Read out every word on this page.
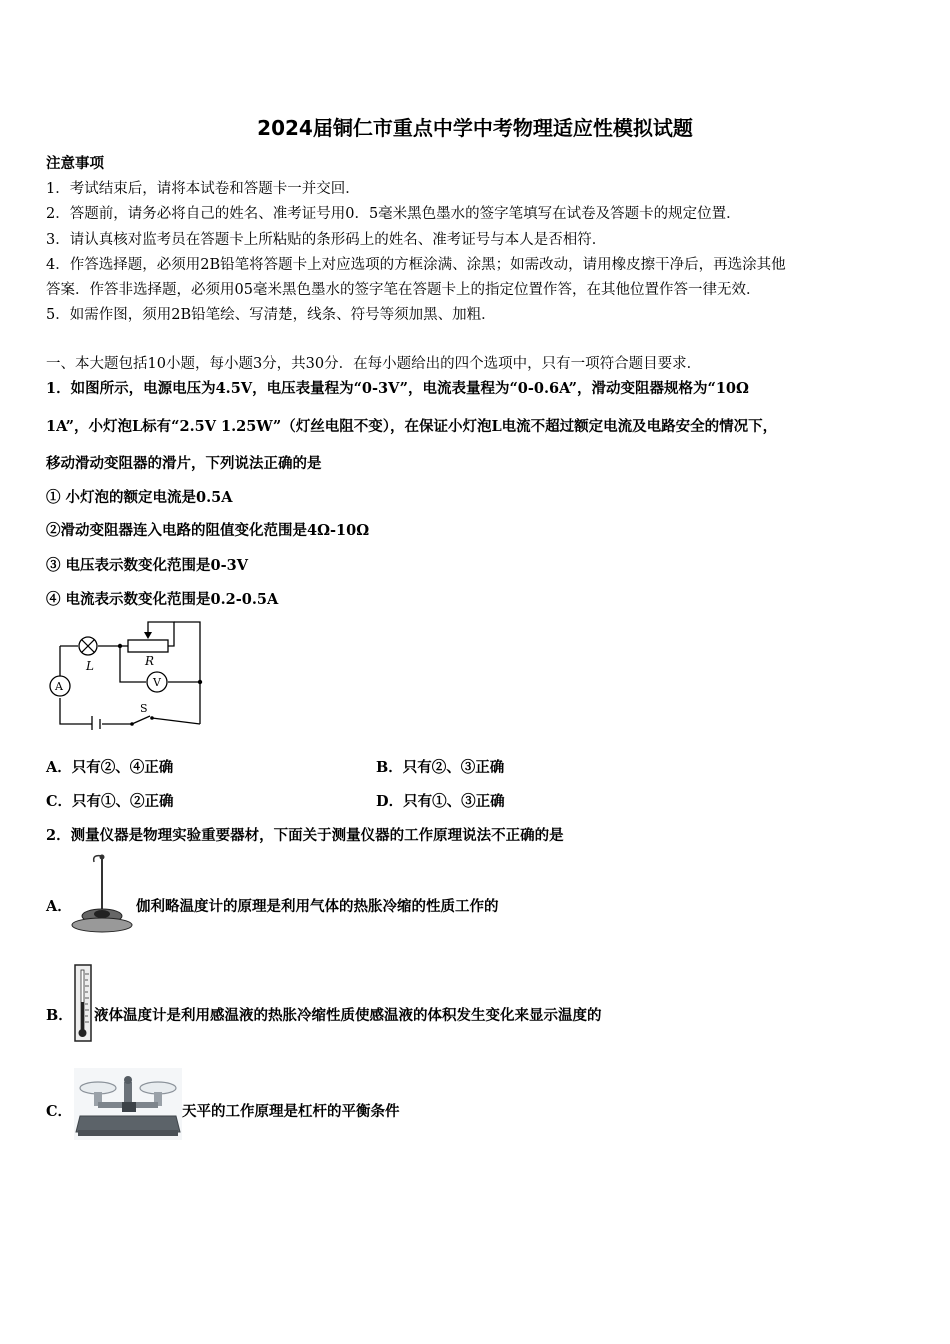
2024届铜仁市重点中学中考物理适应性模拟试题
注意事项
1．考试结束后，请将本试卷和答题卡一并交回．
2．答题前，请务必将自己的姓名、准考证号用0．5毫米黑色墨水的签字笔填写在试卷及答题卡的规定位置．
3．请认真核对监考员在答题卡上所粘贴的条形码上的姓名、准考证号与本人是否相符．
4．作答选择题，必须用2B铅笔将答题卡上对应选项的方框涂满、涂黑；如需改动，请用橡皮擦干净后，再选涂其他
答案．作答非选择题，必须用05毫米黑色墨水的签字笔在答题卡上的指定位置作答，在其他位置作答一律无效．
5．如需作图，须用2B铅笔绘、写清楚，线条、符号等须加黑、加粗．
一、本大题包括10小题，每小题3分，共30分．在每小题给出的四个选项中，只有一项符合题目要求．
1．如图所示，电源电压为4.5V，电压表量程为“0-3V”，电流表量程为“0-0.6A”，滑动变阻器规格为“10Ω
1A”，小灯泡L标有“2.5V 1.25W”（灯丝电阻不变），在保证小灯泡L电流不超过额定电流及电路安全的情况下，
移动滑动变阻器的滑片，下列说法正确的是
① 小灯泡的额定电流是0.5A
②滑动变阻器连入电路的阻值变化范围是4Ω-10Ω
③ 电压表示数变化范围是0-3V
④ 电流表示数变化范围是0.2-0.5A
L	R
V
A
S
A．只有②、④正确	B．只有②、③正确
C．只有①、②正确	D．只有①、③正确
2．测量仪器是物理实验重要器材，下面关于测量仪器的工作原理说法不正确的是
A．	伽利略温度计的原理是利用气体的热胀冷缩的性质工作的
B． 液体温度计是利用感温液的热胀冷缩性质使感温液的体积发生变化来显示温度的
C．	天平的工作原理是杠杆的平衡条件
